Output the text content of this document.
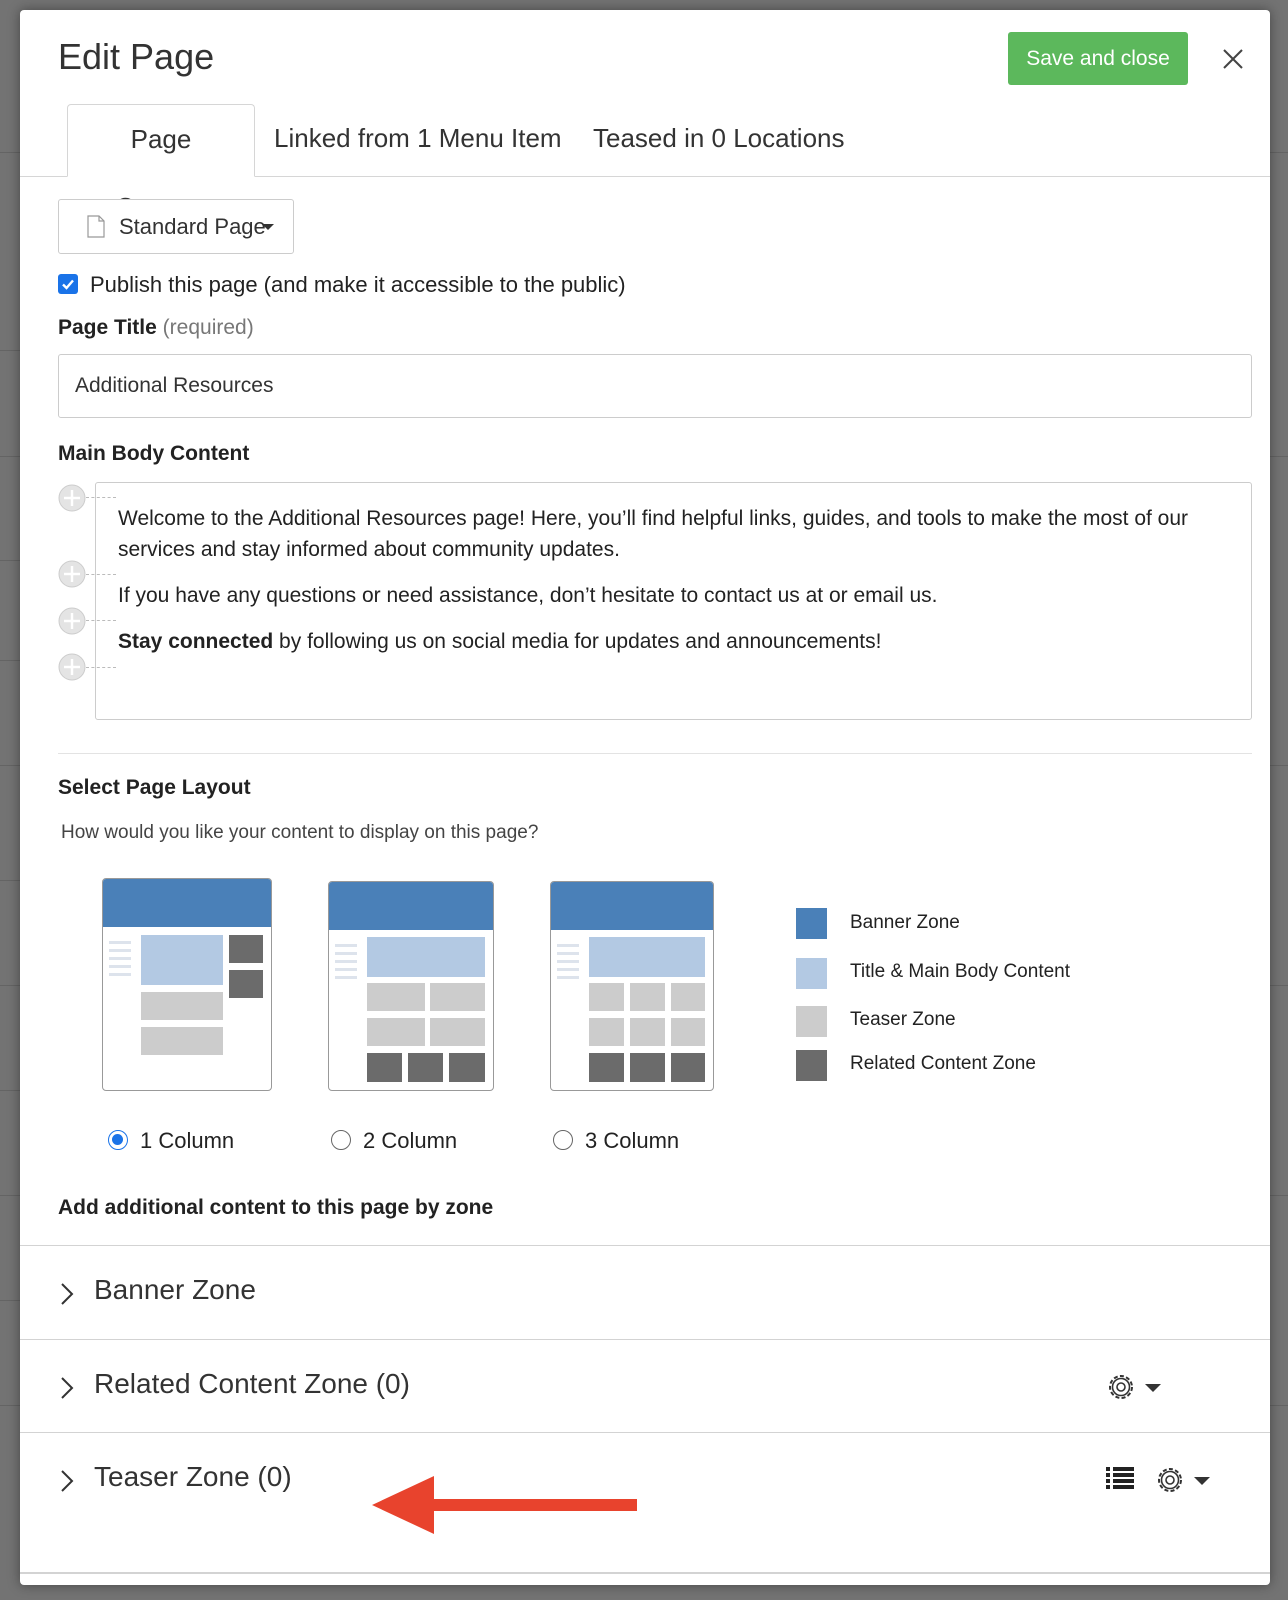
Edit Page	Save and close
Page	Linked from 1 Menu Item	Teased in 0 Locations
Standard Page
Publish this page (and make it accessible to the public)
Page Title (required)
Additional Resources
Main Body Content

Welcome to the Additional Resources page! Here, you’ll find helpful links, guides, and tools to make the most of our services and stay informed about community updates.

If you have any questions or need assistance, don’t hesitate to contact us at or email us.

Stay connected by following us on social media for updates and announcements!

Select Page Layout
How would you like your content to display on this page?
1 Column	2 Column	3 Column
Banner Zone
Title & Main Body Content
Teaser Zone
Related Content Zone
Add additional content to this page by zone
Banner Zone
Related Content Zone (0)
Teaser Zone (0)
